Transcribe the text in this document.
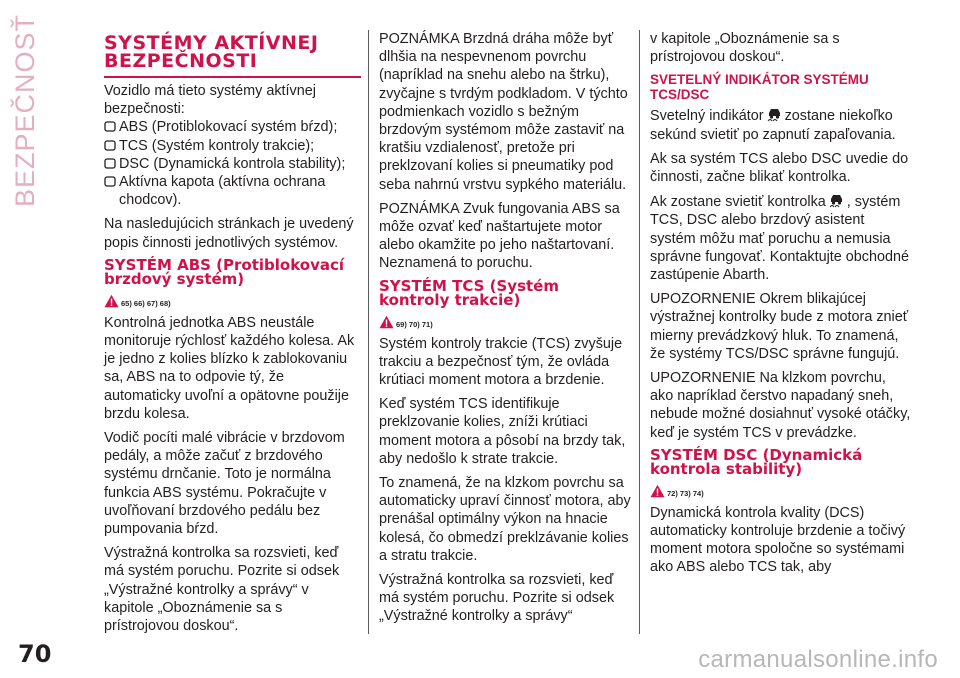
BEZPEČNOSŤ	SYSTÉMY AKTÍVNEJ BEZPEČNOSTI

Vozidlo má tieto systémy aktívnej bezpečnosti:

ABS (Protiblokovací systém bŕzd);
TCS (Systém kontroly trakcie);
DSC (Dynamická kontrola stability);
Aktívna kapota (aktívna ochrana chodcov).

Na nasledujúcich stránkach je uvedený popis činnosti jednotlivých systémov.

SYSTÉM ABS (Protiblokovací brzdový systém)
65) 66) 67) 68)

Kontrolná jednotka ABS neustále monitoruje rýchlosť každého kolesa. Ak je jedno z kolies blízko k zablokovaniu sa, ABS na to odpovie tý, že automaticky uvoľní a opätovne použije brzdu kolesa.

Vodič pocíti malé vibrácie v brzdovom pedály, a môže začuť z brzdového systému drnčanie. Toto je normálna funkcia ABS systému. Pokračujte v uvoľňovaní brzdového pedálu bez pumpovania bŕzd.

Výstražná kontrolka sa rozsvieti, keď má systém poruchu. Pozrite si odsek „Výstražné kontrolky a správy“ v kapitole „Oboznámenie sa s prístrojovou doskou“.

POZNÁMKA Brzdná dráha môže byť dlhšia na nespevnenom povrchu (napríklad na snehu alebo na štrku), zvyčajne s tvrdým podkladom. V týchto podmienkach vozidlo s bežným brzdovým systémom môže zastaviť na kratšiu vzdialenosť, pretože pri preklzovaní kolies si pneumatiky pod seba nahrnú vrstvu sypkého materiálu.

POZNÁMKA Zvuk fungovania ABS sa môže ozvať keď naštartujete motor alebo okamžite po jeho naštartovaní. Neznamená to poruchu.

SYSTÉM TCS (Systém kontroly trakcie)
69) 70) 71)

Systém kontroly trakcie (TCS) zvyšuje trakciu a bezpečnosť tým, že ovláda krútiaci moment motora a brzdenie.

Keď systém TCS identifikuje preklzovanie kolies, zníži krútiaci moment motora a pôsobí na brzdy tak, aby nedošlo k strate trakcie.

To znamená, že na klzkom povrchu sa automaticky upraví činnosť motora, aby prenášal optimálny výkon na hnacie kolesá, čo obmedzí preklzávanie kolies a stratu trakcie.

Výstražná kontrolka sa rozsvieti, keď má systém poruchu. Pozrite si odsek „Výstražné kontrolky a správy“

v kapitole „Oboznámenie sa s prístrojovou doskou“.

SVETELNÝ INDIKÁTOR SYSTÉMU TCS/DSC

Svetelný indikátor zostane niekoľko sekúnd svietiť po zapnutí zapaľovania.

Ak sa systém TCS alebo DSC uvedie do činnosti, začne blikať kontrolka.

Ak zostane svietiť kontrolka , systém TCS, DSC alebo brzdový asistent systém môžu mať poruchu a nemusia správne fungovať. Kontaktujte obchodné zastúpenie Abarth.

UPOZORNENIE Okrem blikajúcej výstražnej kontrolky bude z motora znieť mierny prevádzkový hluk. To znamená, že systémy TCS/DSC správne fungujú.

UPOZORNENIE Na klzkom povrchu, ako napríklad čerstvo napadaný sneh, nebude možné dosiahnuť vysoké otáčky, keď je systém TCS v prevádzke.

SYSTÉM DSC (Dynamická kontrola stability)
72) 73) 74)

Dynamická kontrola kvality (DCS) automaticky kontroluje brzdenie a točivý moment motora spoločne so systémami ako ABS alebo TCS tak, aby

70	carmanualsonline.info
